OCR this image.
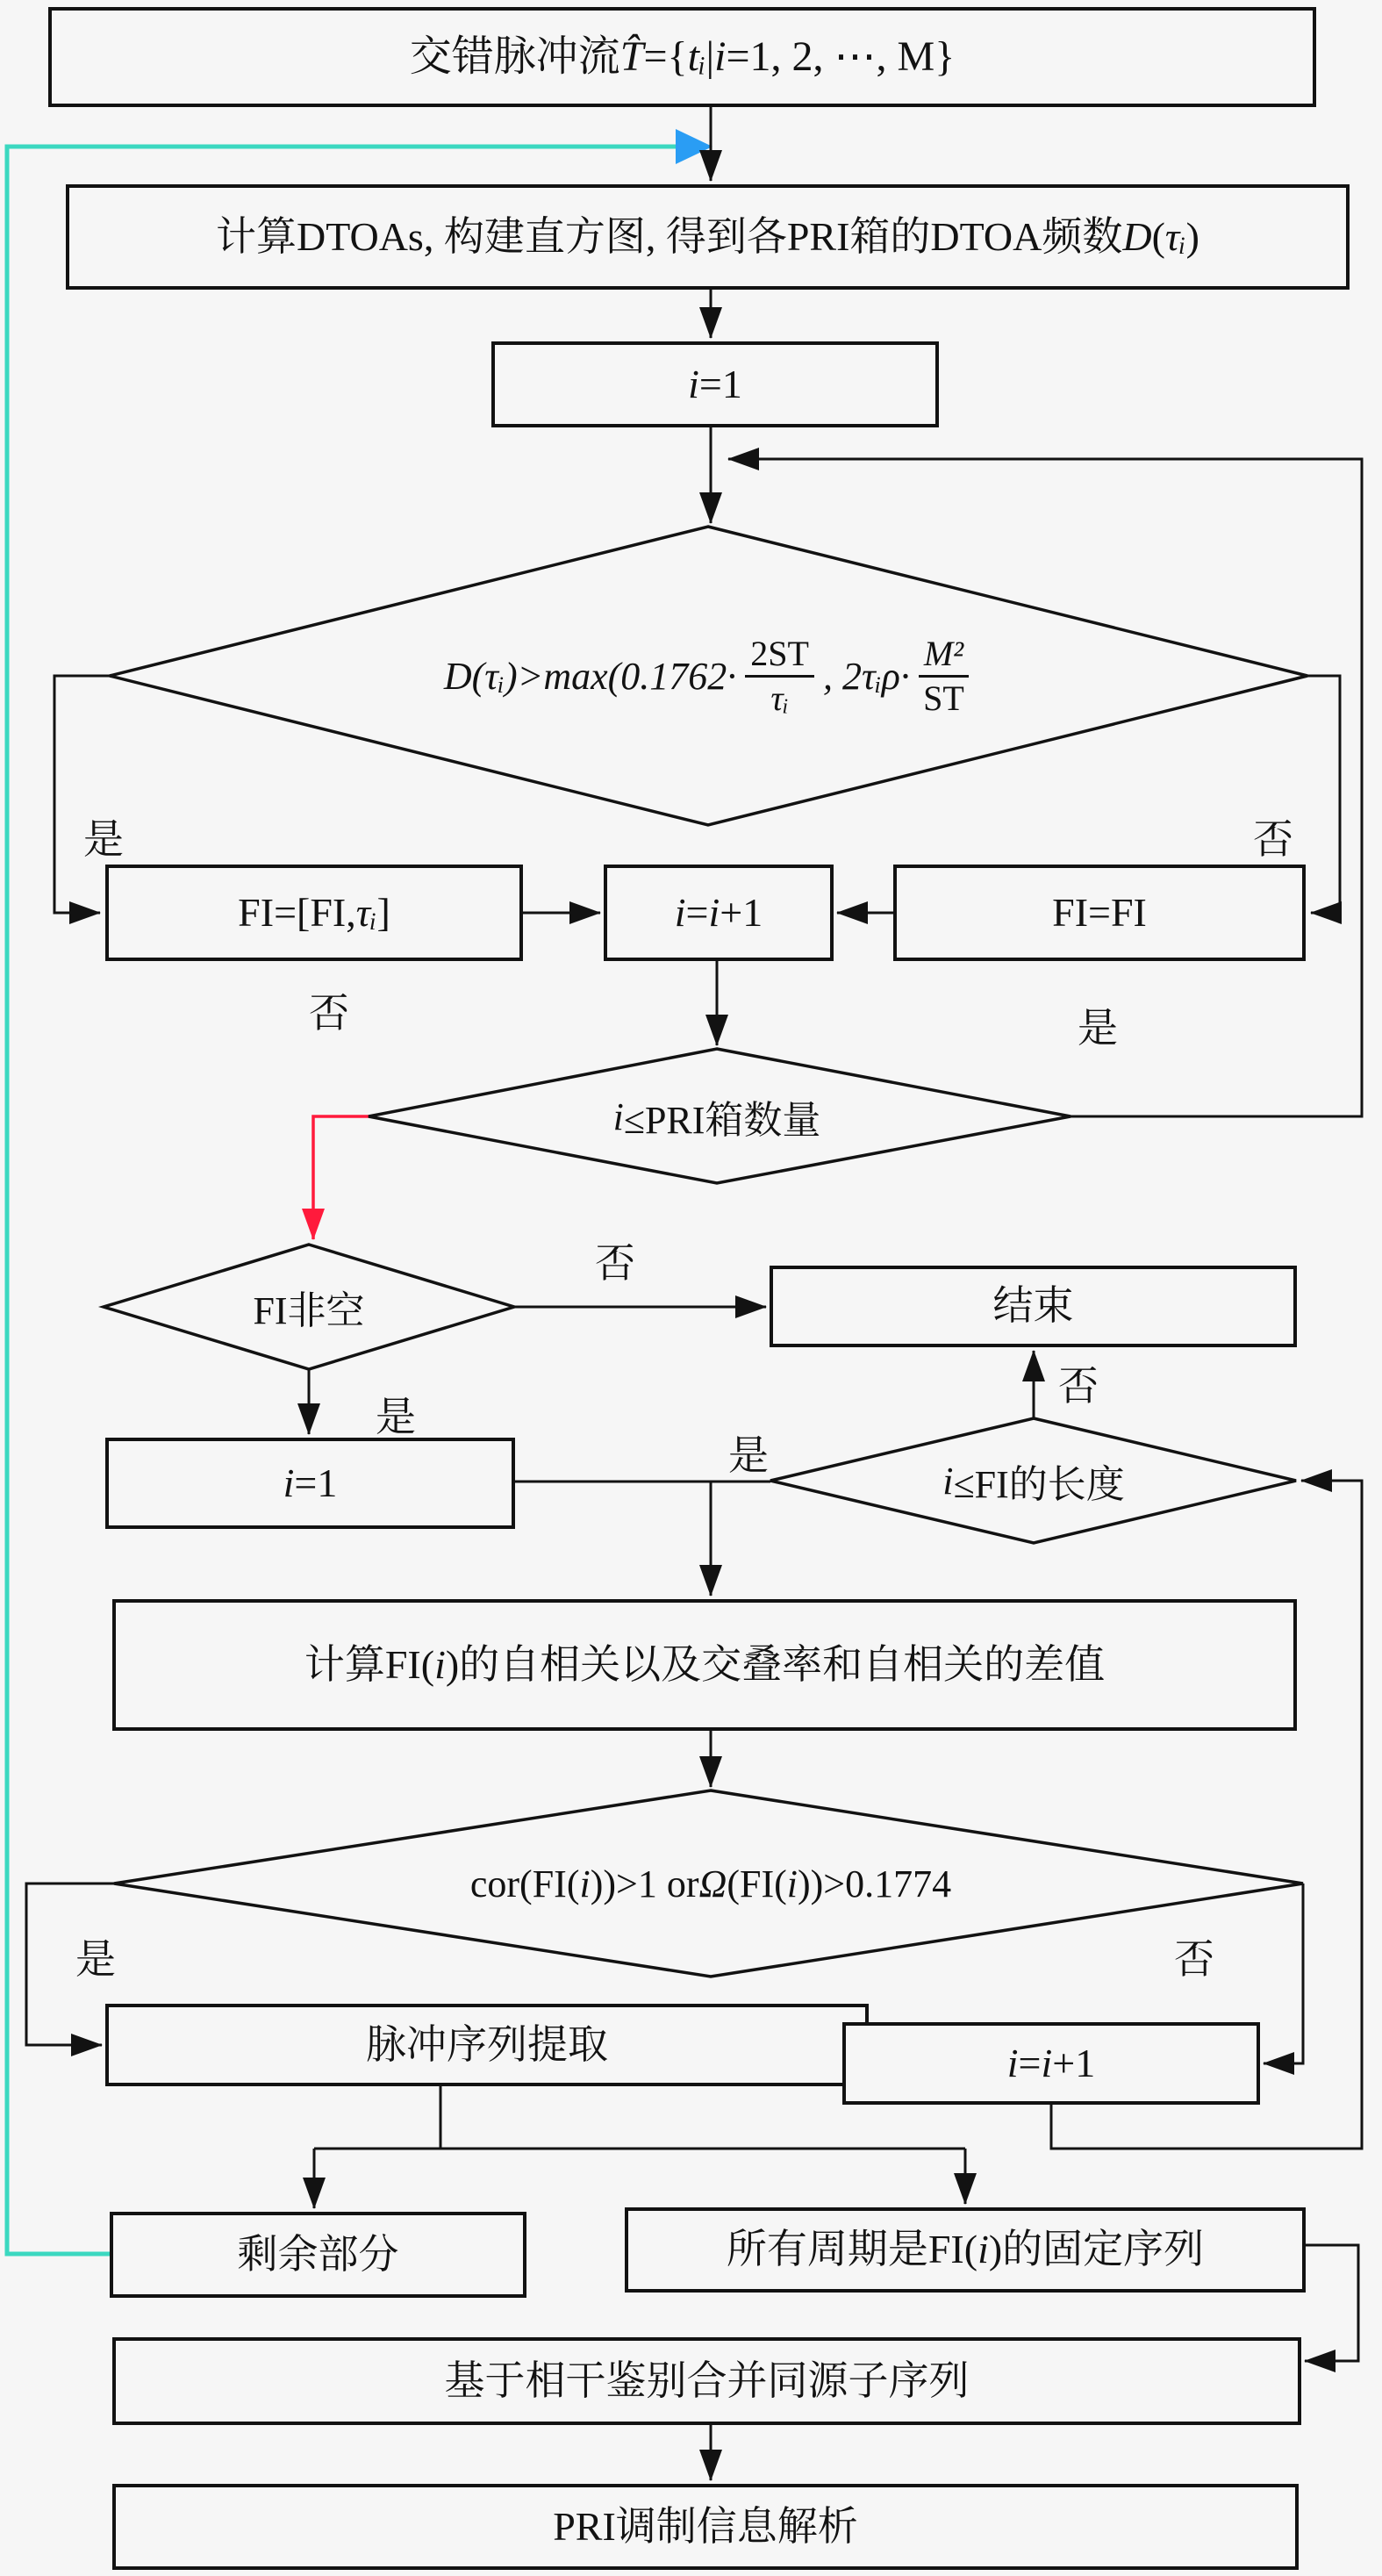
交错脉冲流 T̂ ={ tᵢ | i =1, 2, ⋯, M}
计算DTOAs, 构建直方图, 得到各PRI箱的DTOA频数 D ( τᵢ )
i =1
FI=[FI, τᵢ ]	i = i +1	FI=FI
结束
i =1
计算FI( i )的自相关以及交叠率和自相关的差值
脉冲序列提取	i = i +1
剩余部分	所有周期是FI( i )的固定序列
基于相干鉴别合并同源子序列
PRI调制信息解析
D(τᵢ)>max(0.1762· $\frac{2ST}{\text{τᵢ}}$ , 2τᵢρ· $\frac{\text{M²}}{ST}$
i ≤PRI箱数量
FI非空
i ≤FI的长度
cor(FI( i ))>1 or Ω (FI( i ))>0.1774
是	否
否	是
否
是
是
否
是	否
